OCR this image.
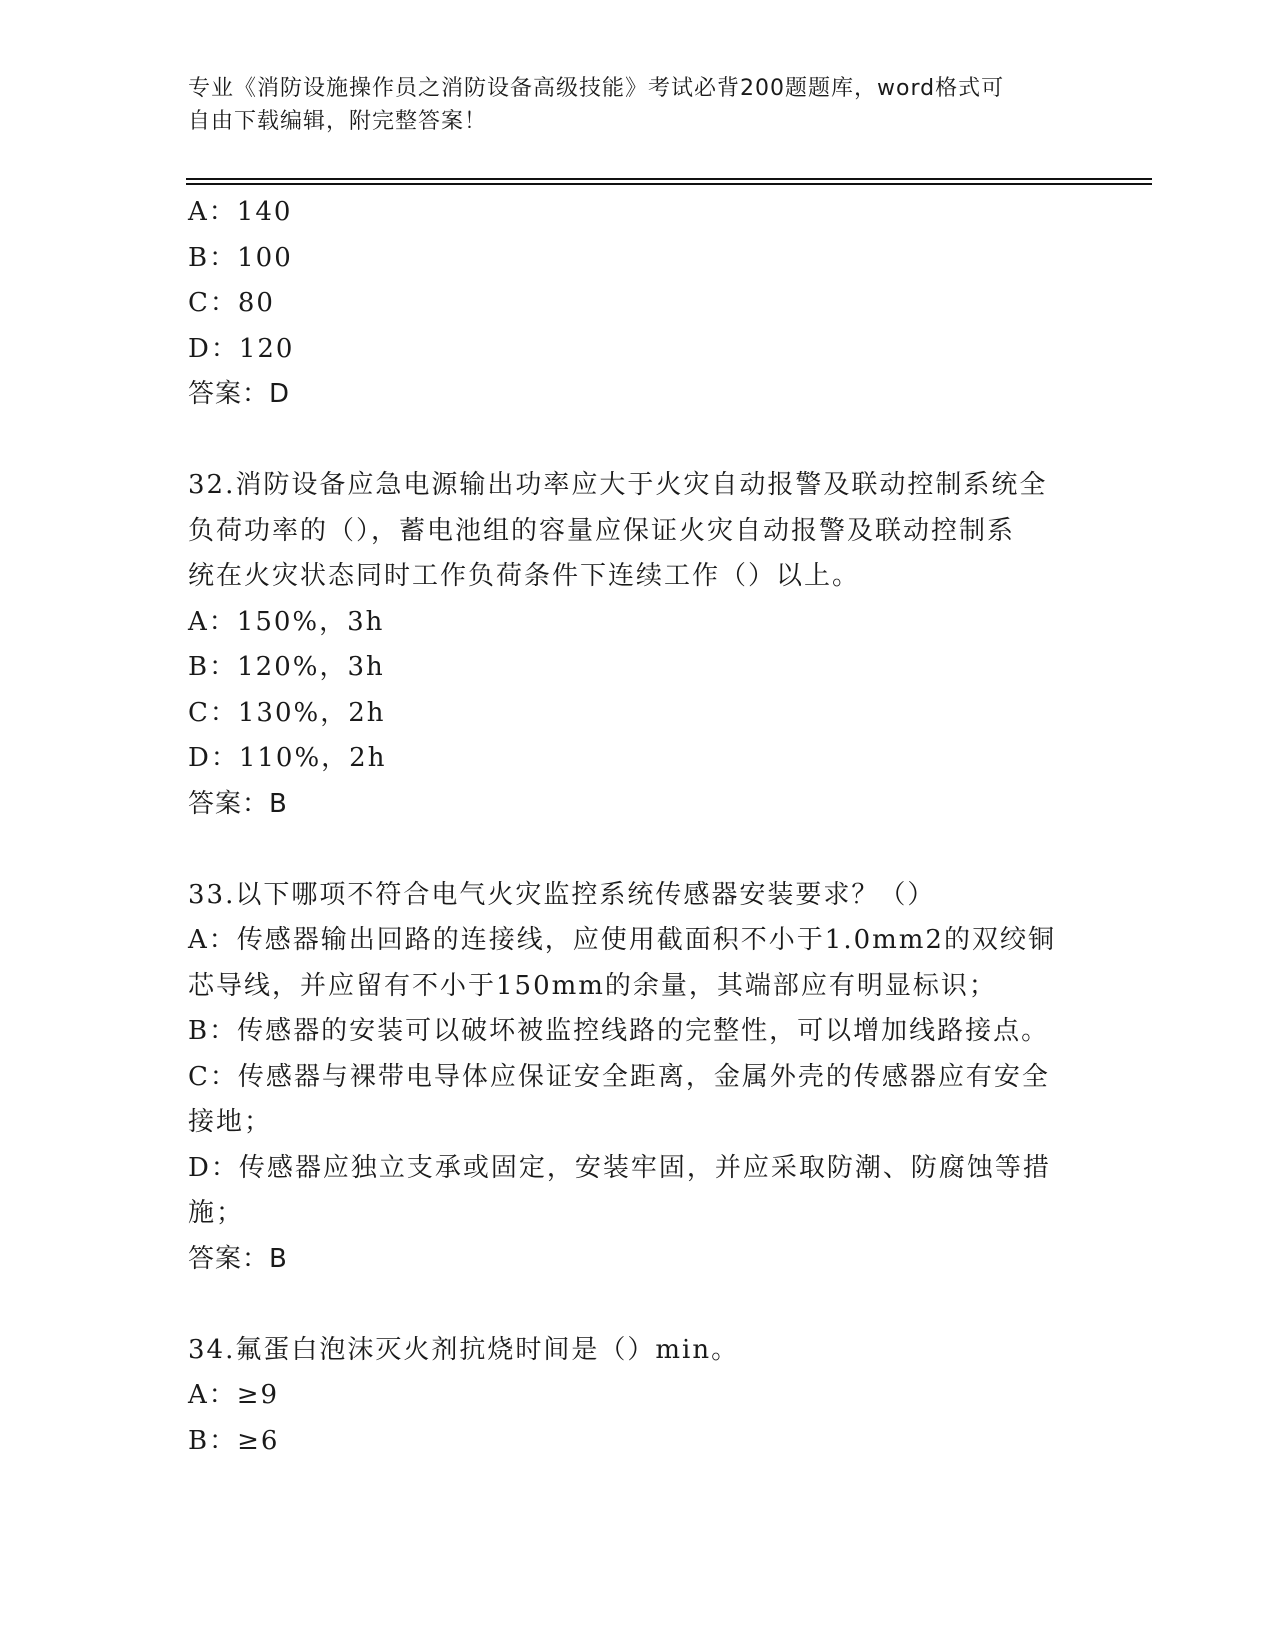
专业《消防设施操作员之消防设备高级技能》考试必背200题题库，word格式可
自由下载编辑，附完整答案！
A：140
B：100
C：80
D：120
答案：D
32.消防设备应急电源输出功率应大于火灾自动报警及联动控制系统全
负荷功率的（），蓄电池组的容量应保证火灾自动报警及联动控制系
统在火灾状态同时工作负荷条件下连续工作（）以上。
A：150%，3h
B：120%，3h
C：130%，2h
D：110%，2h
答案：B
33.以下哪项不符合电气火灾监控系统传感器安装要求？（）
A：传感器输出回路的连接线，应使用截面积不小于1.0mm2的双绞铜
芯导线，并应留有不小于150mm的余量，其端部应有明显标识；
B：传感器的安装可以破坏被监控线路的完整性，可以增加线路接点。
C：传感器与裸带电导体应保证安全距离，金属外壳的传感器应有安全
接地；
D：传感器应独立支承或固定，安装牢固，并应采取防潮、防腐蚀等措
施；
答案：B
34.氟蛋白泡沫灭火剂抗烧时间是（）min。
A：≥9
B：≥6
